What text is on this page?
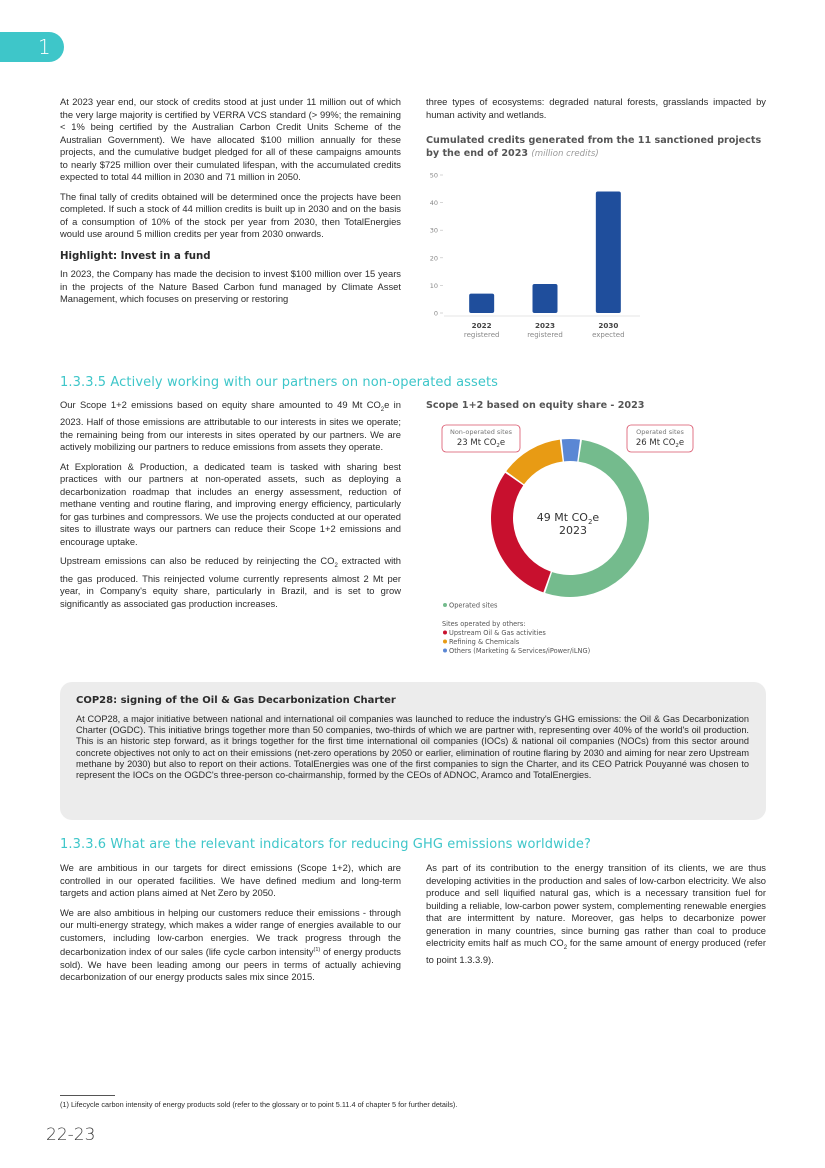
1

At 2023 year end, our stock of credits stood at just under 11 million out of which the very large majority is certified by VERRA VCS standard (> 99%; the remaining < 1% being certified by the Australian Carbon Credit Units Scheme of the Australian Government). We have allocated $100 million annually for these projects, and the cumulative budget pledged for all of these campaigns amounts to nearly $725 million over their cumulated lifespan, with the accumulated credits expected to total 44 million in 2030 and 71 million in 2050.

The final tally of credits obtained will be determined once the projects have been completed. If such a stock of 44 million credits is built up in 2030 and on the basis of a consumption of 10% of the stock per year from 2030, then TotalEnergies would use around 5 million credits per year from 2030 onwards.

Highlight: Invest in a fund

In 2023, the Company has made the decision to invest $100 million over 15 years in the projects of the Nature Based Carbon fund managed by Climate Asset Management, which focuses on preserving or restoring

three types of ecosystems: degraded natural forests, grasslands impacted by human activity and wetlands.

Cumulated credits generated from the 11 sanctioned projects by the end of 2023 (million credits)
0
10
20
30
40
50
2022
registered
2023
registered
2030
expected
1.3.3.5 Actively working with our partners on non-operated assets

Our Scope 1+2 emissions based on equity share amounted to 49 Mt $CO_2e$ in 2023. Half of those emissions are attributable to our interests in sites we operate; the remaining being from our interests in sites operated by our partners. We are actively mobilizing our partners to reduce emissions from assets they operate.

At Exploration & Production, a dedicated team is tasked with sharing best practices with our partners at non-operated assets, such as deploying a decarbonization roadmap that includes an energy assessment, reduction of methane venting and routine flaring, and improving energy efficiency, particularly for gas turbines and compressors. We use the projects conducted at our operated sites to illustrate ways our partners can reduce their Scope 1+2 emissions and encourage uptake.

Upstream emissions can also be reduced by reinjecting the $CO_2$ extracted with the gas produced. This reinjected volume currently represents almost 2 Mt per year, in Company's equity share, particularly in Brazil, and is set to grow significantly as associated gas production increases.

Scope 1+2 based on equity share - 2023
Non-operated sites
23 Mt $CO_2e$
Operated sites
26 Mt $CO_2e$
49 Mt $CO_2e$
2023
Operated sites
Sites operated by others:
Upstream Oil & Gas activities
Refining & Chemicals
Others (Marketing & Services/iPower/iLNG)
COP28: signing of the Oil & Gas Decarbonization Charter
At COP28, a major initiative between national and international oil companies was launched to reduce the industry's GHG emissions: the Oil & Gas Decarbonization Charter (OGDC). This initiative brings together more than 50 companies, two-thirds of which we are partner with, representing over 40% of the world's oil production. This is an historic step forward, as it brings together for the first time international oil companies (IOCs) & national oil companies (NOCs) from this sector around concrete objectives not only to act on their emissions (net-zero operations by 2050 or earlier, elimination of routine flaring by 2030 and aiming for near zero Upstream methane by 2030) but also to report on their actions. TotalEnergies was one of the first companies to sign the Charter, and its CEO Patrick Pouyanné was chosen to represent the IOCs on the OGDC's three-person co-chairmanship, formed by the CEOs of ADNOC, Aramco and TotalEnergies.
1.3.3.6 What are the relevant indicators for reducing GHG emissions worldwide?

We are ambitious in our targets for direct emissions (Scope 1+2), which are controlled in our operated facilities. We have defined medium and long-term targets and action plans aimed at Net Zero by 2050.

We are also ambitious in helping our customers reduce their emissions - through our multi-energy strategy, which makes a wider range of energies available to our customers, including low-carbon energies. We track progress through the decarbonization index of our sales (life cycle carbon intensity$^{(1)}$ of energy products sold). We have been leading among our peers in terms of actually achieving decarbonization of our energy products sales mix since 2015.

As part of its contribution to the energy transition of its clients, we are thus developing activities in the production and sales of low-carbon electricity. We also produce and sell liquified natural gas, which is a necessary transition fuel for building a reliable, low-carbon power system, complementing renewable energies that are intermittent by nature. Moreover, gas helps to decarbonize power generation in many countries, since burning gas rather than coal to produce electricity emits half as much $CO_2$ for the same amount of energy produced (refer to point 1.3.3.9).

(1) Lifecycle carbon intensity of energy products sold (refer to the glossary or to point 5.11.4 of chapter 5 for further details).
22-23
